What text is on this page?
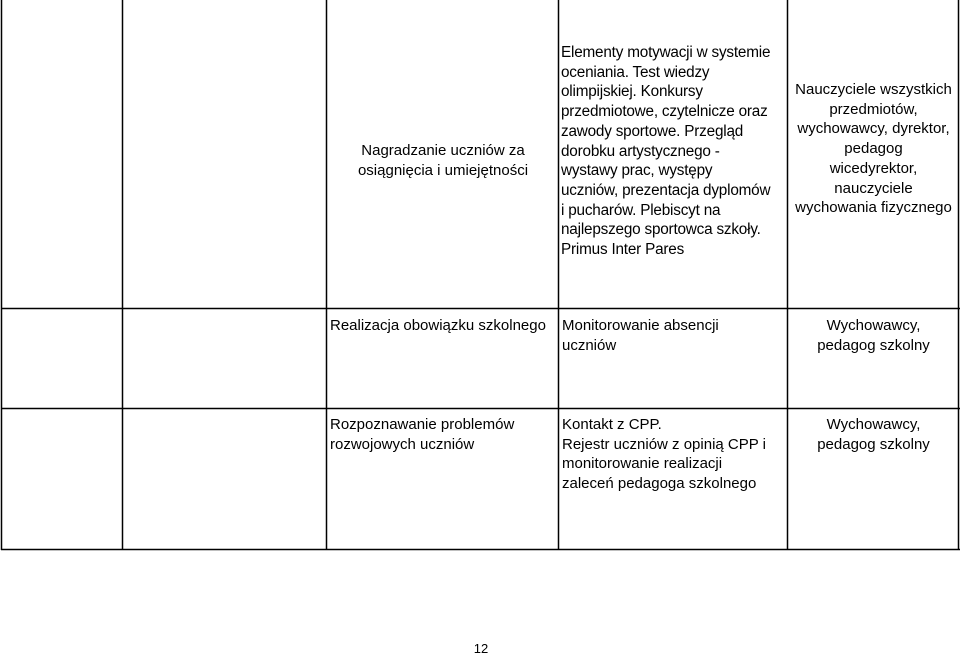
Nagradzanie uczniów za osiągnięcia i umiejętności
Elementy motywacji w systemie
oceniania. Test wiedzy
olimpijskiej. Konkursy
przedmiotowe, czytelnicze oraz
zawody sportowe. Przegląd
dorobku artystycznego -
wystawy prac, występy
uczniów, prezentacja dyplomów
i pucharów. Plebiscyt na
najlepszego sportowca szkoły.
Primus Inter Pares
Nauczyciele wszystkich
przedmiotów,
wychowawcy, dyrektor,
pedagog
wicedyrektor,
nauczyciele
wychowania fizycznego
Realizacja obowiązku szkolnego	Monitorowanie absencji
uczniów
Wychowawcy,
pedagog szkolny
Rozpoznawanie problemów
rozwojowych uczniów
Kontakt z CPP.
Rejestr uczniów z opinią CPP i
monitorowanie realizacji
zaleceń pedagoga szkolnego
Wychowawcy,
pedagog szkolny
12
